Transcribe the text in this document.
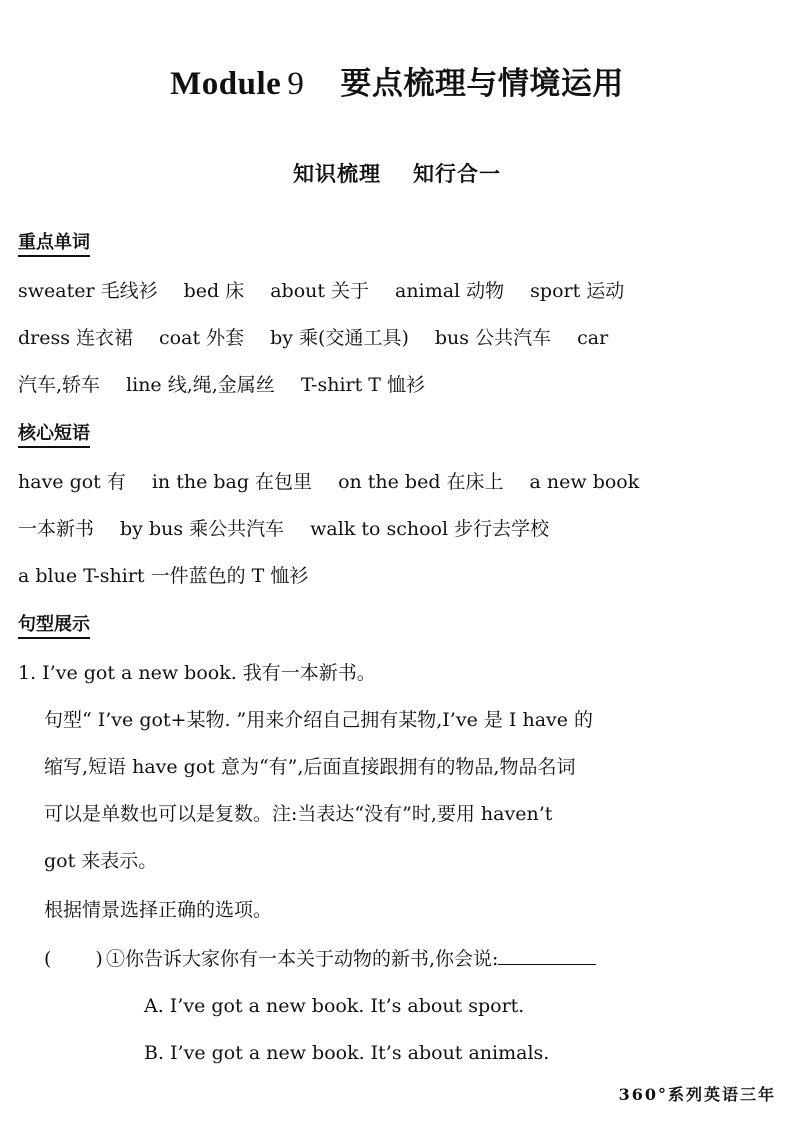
Module 9 要点梳理与情境运用
知识梳理 知行合一
重点单词
sweater 毛线衫 bed 床 about 关于 animal 动物 sport 运动
dress 连衣裙 coat 外套 by 乘(交通工具) bus 公共汽车 car
汽车,轿车 line 线,绳,金属丝 T-shirt T 恤衫
核心短语
have got 有 in the bag 在包里 on the bed 在床上 a new book
一本新书 by bus 乘公共汽车 walk to school 步行去学校
a blue T-shirt 一件蓝色的 T 恤衫
句型展示
1. I’ve got a new book. 我有一本新书。
句型“ I’ve got+某物. ”用来介绍自己拥有某物,I’ve 是 I have 的
缩写,短语 have got 意为“有”,后面直接跟拥有的物品,物品名词
可以是单数也可以是复数。注:当表达“没有”时,要用 haven’t
got 来表示。
根据情景选择正确的选项。
( ) ①你告诉大家你有一本关于动物的新书,你会说:
A. I’ve got a new book. It’s about sport.
B. I’ve got a new book. It’s about animals.
360°系列英语三年
